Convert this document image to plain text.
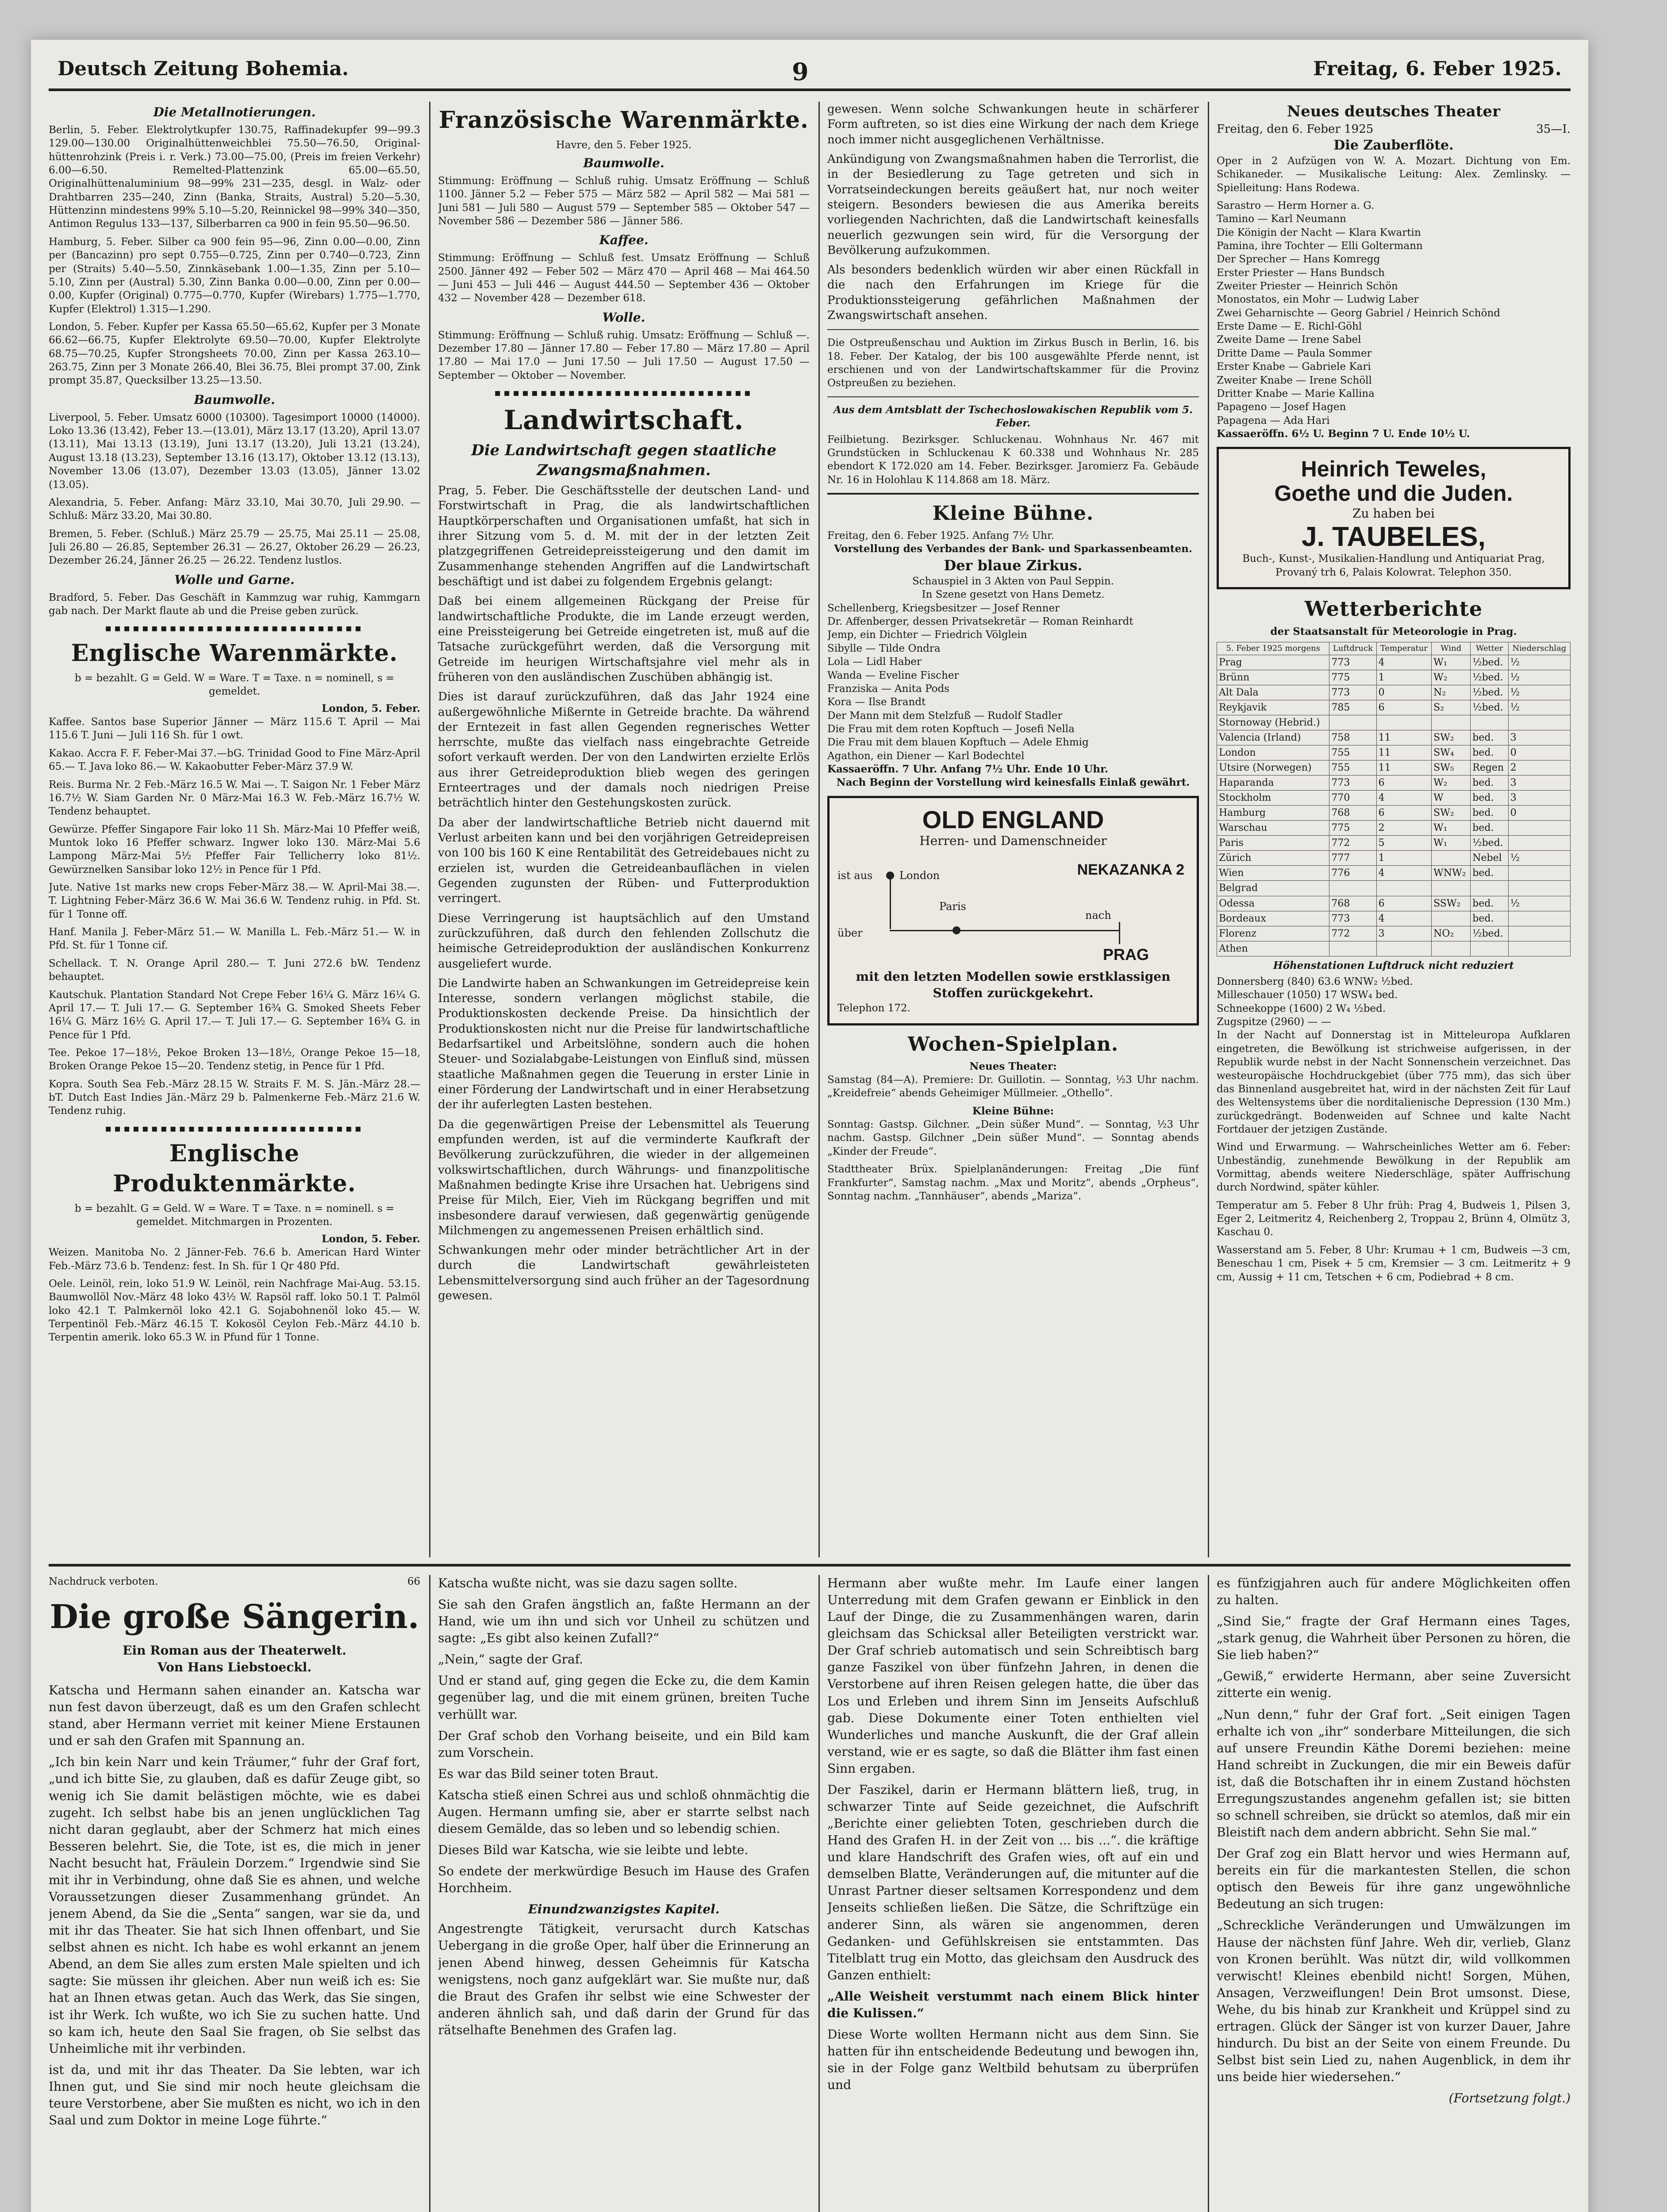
Deutsch Zeitung Bohemia.	9	Freitag, 6. Feber 1925.
Die Metallnotierungen.

Berlin, 5. Feber. Elektrolytkupfer 130.75, Raffinadekupfer 99—99.3 129.00—130.00 Originalhüttenweichblei 75.50—76.50, Original-hüttenrohzink (Preis i. r. Verk.) 73.00—75.00, (Preis im freien Verkehr) 6.00—6.50. Remelted-Plattenzink 65.00—65.50, Originalhüttenaluminium 98—99% 231—235, desgl. in Walz- oder Drahtbarren 235—240, Zinn (Banka, Straits, Austral) 5.20—5.30, Hüttenzinn mindestens 99% 5.10—5.20, Reinnickel 98—99% 340—350, Antimon Regulus 133—137, Silberbarren ca 900 in fein 95.50—96.50.

Hamburg, 5. Feber. Silber ca 900 fein 95—96, Zinn 0.00—0.00, Zinn per (Bancazinn) pro sept 0.755—0.725, Zinn per 0.740—0.723, Zinn per (Straits) 5.40—5.50, Zinnkäsebank 1.00—1.35, Zinn per 5.10—5.10, Zinn per (Austral) 5.30, Zinn Banka 0.00—0.00, Zinn per 0.00—0.00, Kupfer (Original) 0.775—0.770, Kupfer (Wirebars) 1.775—1.770, Kupfer (Elektrol) 1.315—1.290.

London, 5. Feber. Kupfer per Kassa 65.50—65.62, Kupfer per 3 Monate 66.62—66.75, Kupfer Elektrolyte 69.50—70.00, Kupfer Elektrolyte 68.75—70.25, Kupfer Strongsheets 70.00, Zinn per Kassa 263.10—263.75, Zinn per 3 Monate 266.40, Blei 36.75, Blei prompt 37.00, Zink prompt 35.87, Quecksilber 13.25—13.50.

Baumwolle.

Liverpool, 5. Feber. Umsatz 6000 (10300). Tagesimport 10000 (14000). Loko 13.36 (13.42), Feber 13.—(13.01), März 13.17 (13.20), April 13.07 (13.11), Mai 13.13 (13.19), Juni 13.17 (13.20), Juli 13.21 (13.24), August 13.18 (13.23), September 13.16 (13.17), Oktober 13.12 (13.13), November 13.06 (13.07), Dezember 13.03 (13.05), Jänner 13.02 (13.05).

Alexandria, 5. Feber. Anfang: März 33.10, Mai 30.70, Juli 29.90. — Schluß: März 33.20, Mai 30.80.

Bremen, 5. Feber. (Schluß.) März 25.79 — 25.75, Mai 25.11 — 25.08, Juli 26.80 — 26.85, September 26.31 — 26.27, Oktober 26.29 — 26.23, Dezember 26.24, Jänner 26.25 — 26.22. Tendenz lustlos.

Wolle und Garne.

Bradford, 5. Feber. Das Geschäft in Kammzug war ruhig, Kammgarn gab nach. Der Markt flaute ab und die Preise geben zurück.

▪▪▪▪▪▪▪▪▪▪▪▪▪▪▪▪▪▪▪▪▪▪▪▪▪▪▪▪
Englische Warenmärkte.
b = bezahlt. G = Geld. W = Ware. T = Taxe. n = nominell, s = gemeldet.
London, 5. Feber.

Kaffee. Santos base Superior Jänner — März 115.6 T. April — Mai 115.6 T. Juni — Juli 116 Sh. für 1 owt.

Kakao. Accra F. F. Feber-Mai 37.—bG. Trinidad Good to Fine März-April 65.— T. Java loko 86.— W. Kakaobutter Feber-März 37.9 W.

Reis. Burma Nr. 2 Feb.-März 16.5 W. Mai —. T. Saigon Nr. 1 Feber März 16.7½ W. Siam Garden Nr. 0 März-Mai 16.3 W. Feb.-März 16.7½ W. Tendenz behauptet.

Gewürze. Pfeffer Singapore Fair loko 11 Sh. März-Mai 10 Pfeffer weiß, Muntok loko 16 Pfeffer schwarz. Ingwer loko 130. März-Mai 5.6 Lampong März-Mai 5½ Pfeffer Fair Tellicherry loko 81½. Gewürznelken Sansibar loko 12½ in Pence für 1 Pfd.

Jute. Native 1st marks new crops Feber-März 38.— W. April-Mai 38.—. T. Lightning Feber-März 36.6 W. Mai 36.6 W. Tendenz ruhig. in Pfd. St. für 1 Tonne off.

Hanf. Manila J. Feber-März 51.— W. Manilla L. Feb.-März 51.— W. in Pfd. St. für 1 Tonne cif.

Schellack. T. N. Orange April 280.— T. Juni 272.6 bW. Tendenz behauptet.

Kautschuk. Plantation Standard Not Crepe Feber 16¼ G. März 16¼ G. April 17.— T. Juli 17.— G. September 16¾ G. Smoked Sheets Feber 16¼ G. März 16½ G. April 17.— T. Juli 17.— G. September 16¾ G. in Pence für 1 Pfd.

Tee. Pekoe 17—18½, Pekoe Broken 13—18½, Orange Pekoe 15—18, Broken Orange Pekoe 15—20. Tendenz stetig, in Pence für 1 Pfd.

Kopra. South Sea Feb.-März 28.15 W. Straits F. M. S. Jän.-März 28.— bT. Dutch East Indies Jän.-März 29 b. Palmenkerne Feb.-März 21.6 W. Tendenz ruhig.

▪▪▪▪▪▪▪▪▪▪▪▪▪▪▪▪▪▪▪▪▪▪▪▪▪▪▪▪
Englische Produktenmärkte.
b = bezahlt. G = Geld. W = Ware. T = Taxe. n = nominell. s = gemeldet. Mitchmargen in Prozenten.
London, 5. Feber.

Weizen. Manitoba No. 2 Jänner-Feb. 76.6 b. American Hard Winter Feb.-März 73.6 b. Tendenz: fest. In Sh. für 1 Qr 480 Pfd.

Oele. Leinöl, rein, loko 51.9 W. Leinöl, rein Nachfrage Mai-Aug. 53.15. Baumwollöl Nov.-März 48 loko 43½ W. Rapsöl raff. loko 50.1 T. Palmöl loko 42.1 T. Palmkernöl loko 42.1 G. Sojabohnenöl loko 45.— W. Terpentinöl Feb.-März 46.15 T. Kokosöl Ceylon Feb.-März 44.10 b. Terpentin amerik. loko 65.3 W. in Pfund für 1 Tonne.

Französische Warenmärkte.
Havre, den 5. Feber 1925.
Baumwolle.

Stimmung: Eröffnung — Schluß ruhig. Umsatz Eröffnung — Schluß 1100. Jänner 5.2 — Feber 575 — März 582 — April 582 — Mai 581 — Juni 581 — Juli 580 — August 579 — September 585 — Oktober 547 — November 586 — Dezember 586 — Jänner 586.

Kaffee.

Stimmung: Eröffnung — Schluß fest. Umsatz Eröffnung — Schluß 2500. Jänner 492 — Feber 502 — März 470 — April 468 — Mai 464.50 — Juni 453 — Juli 446 — August 444.50 — September 436 — Oktober 432 — November 428 — Dezember 618.

Wolle.

Stimmung: Eröffnung — Schluß ruhig. Umsatz: Eröffnung — Schluß —. Dezember 17.80 — Jänner 17.80 — Feber 17.80 — März 17.80 — April 17.80 — Mai 17.0 — Juni 17.50 — Juli 17.50 — August 17.50 — September — Oktober — November.

▪▪▪▪▪▪▪▪▪▪▪▪▪▪▪▪▪▪▪▪▪▪▪▪▪▪▪▪
Landwirtschaft.
Die Landwirtschaft gegen staatliche Zwangsmaßnahmen.

Prag, 5. Feber. Die Geschäftsstelle der deutschen Land- und Forstwirtschaft in Prag, die als landwirtschaftlichen Hauptkörperschaften und Organisationen umfaßt, hat sich in ihrer Sitzung vom 5. d. M. mit der in der letzten Zeit platzgegriffenen Getreidepreissteigerung und den damit im Zusammenhange stehenden Angriffen auf die Landwirtschaft beschäftigt und ist dabei zu folgendem Ergebnis gelangt:

Daß bei einem allgemeinen Rückgang der Preise für landwirtschaftliche Produkte, die im Lande erzeugt werden, eine Preissteigerung bei Getreide eingetreten ist, muß auf die Tatsache zurückgeführt werden, daß die Versorgung mit Getreide im heurigen Wirtschaftsjahre viel mehr als in früheren von den ausländischen Zuschüben abhängig ist.

Dies ist darauf zurückzuführen, daß das Jahr 1924 eine außergewöhnliche Mißernte in Getreide brachte. Da während der Erntezeit in fast allen Gegenden regnerisches Wetter herrschte, mußte das vielfach nass eingebrachte Getreide sofort verkauft werden. Der von den Landwirten erzielte Erlös aus ihrer Getreideproduktion blieb wegen des geringen Ernteertrages und der damals noch niedrigen Preise beträchtlich hinter den Gestehungskosten zurück.

Da aber der landwirtschaftliche Betrieb nicht dauernd mit Verlust arbeiten kann und bei den vorjährigen Getreidepreisen von 100 bis 160 K eine Rentabilität des Getreidebaues nicht zu erzielen ist, wurden die Getreideanbauflächen in vielen Gegenden zugunsten der Rüben- und Futterproduktion verringert.

Diese Verringerung ist hauptsächlich auf den Umstand zurückzuführen, daß durch den fehlenden Zollschutz die heimische Getreideproduktion der ausländischen Konkurrenz ausgeliefert wurde.

Die Landwirte haben an Schwankungen im Getreidepreise kein Interesse, sondern verlangen möglichst stabile, die Produktionskosten deckende Preise. Da hinsichtlich der Produktionskosten nicht nur die Preise für landwirtschaftliche Bedarfsartikel und Arbeitslöhne, sondern auch die hohen Steuer- und Sozialabgabe-Leistungen von Einfluß sind, müssen staatliche Maßnahmen gegen die Teuerung in erster Linie in einer Förderung der Landwirtschaft und in einer Herabsetzung der ihr auferlegten Lasten bestehen.

Da die gegenwärtigen Preise der Lebensmittel als Teuerung empfunden werden, ist auf die verminderte Kaufkraft der Bevölkerung zurückzuführen, die wieder in der allgemeinen volkswirtschaftlichen, durch Währungs- und finanzpolitische Maßnahmen bedingte Krise ihre Ursachen hat. Uebrigens sind Preise für Milch, Eier, Vieh im Rückgang begriffen und mit insbesondere darauf verwiesen, daß gegenwärtig genügende Milchmengen zu angemessenen Preisen erhältlich sind.

Schwankungen mehr oder minder beträchtlicher Art in der durch die Landwirtschaft gewährleisteten Lebensmittelversorgung sind auch früher an der Tagesordnung gewesen.

gewesen. Wenn solche Schwankungen heute in schärferer Form auftreten, so ist dies eine Wirkung der nach dem Kriege noch immer nicht ausgeglichenen Verhältnisse.

Ankündigung von Zwangsmaßnahmen haben die Terrorlist, die in der Besiedlerung zu Tage getreten und sich in Vorratseindeckungen bereits geäußert hat, nur noch weiter steigern. Besonders bewiesen die aus Amerika bereits vorliegenden Nachrichten, daß die Landwirtschaft keinesfalls neuerlich gezwungen sein wird, für die Versorgung der Bevölkerung aufzukommen.

Als besonders bedenklich würden wir aber einen Rückfall in die nach den Erfahrungen im Kriege für die Produktionssteigerung gefährlichen Maßnahmen der Zwangswirtschaft ansehen.

Die Ostpreußenschau und Auktion im Zirkus Busch in Berlin, 16. bis 18. Feber. Der Katalog, der bis 100 ausgewählte Pferde nennt, ist erschienen und von der Landwirtschaftskammer für die Provinz Ostpreußen zu beziehen.

Aus dem Amtsblatt der Tschechoslowakischen Republik vom 5. Feber.

Feilbietung. Bezirksger. Schluckenau. Wohnhaus Nr. 467 mit Grundstücken in Schluckenau K 60.338 und Wohnhaus Nr. 285 ebendort K 172.020 am 14. Feber. Bezirksger. Jaromierz Fa. Gebäude Nr. 16 in Holohlau K 114.868 am 18. März.

Kleine Bühne.
Freitag, den 6. Feber 1925. Anfang 7½ Uhr.
Vorstellung des Verbandes der Bank- und Sparkassenbeamten.
Der blaue Zirkus.
Schauspiel in 3 Akten von Paul Seppin.
In Szene gesetzt von Hans Demetz.
Schellenberg, Kriegsbesitzer — Josef Renner
Dr. Affenberger, dessen Privatsekretär — Roman Reinhardt
Jemp, ein Dichter — Friedrich Völglein
Sibylle — Tilde Ondra
Lola — Lidl Haber
Wanda — Eveline Fischer
Franziska — Anita Pods
Kora — Ilse Brandt
Der Mann mit dem Stelzfuß — Rudolf Stadler
Die Frau mit dem roten Kopftuch — Josefi Nella
Die Frau mit dem blauen Kopftuch — Adele Ehmig
Agathon, ein Diener — Karl Bodechtel
Kassaeröffn. 7 Uhr. Anfang 7½ Uhr. Ende 10 Uhr.
Nach Beginn der Vorstellung wird keinesfalls Einlaß gewährt.
OLD ENGLAND
Herren- und Damenschneider
ist aus	London	NEKAZANKA 2
nach
Paris
über
PRAG
mit den letzten Modellen sowie erstklassigen Stoffen zurückgekehrt.
Telephon 172.
Wochen-Spielplan.
Neues Theater:

Samstag (84—A). Premiere: Dr. Guillotin. — Sonntag, ½3 Uhr nachm. „Kreidefreie“ abends Geheimiger Müllmeier. „Othello“.

Kleine Bühne:

Sonntag: Gastsp. Gilchner. „Dein süßer Mund“. — Sonntag, ½3 Uhr nachm. Gastsp. Gilchner „Dein süßer Mund“. — Sonntag abends „Kinder der Freude“.

Stadttheater Brüx. Spielplanänderungen: Freitag „Die fünf Frankfurter“, Samstag nachm. „Max und Moritz“, abends „Orpheus“, Sonntag nachm. „Tannhäuser“, abends „Mariza“.

Neues deutsches Theater
Freitag, den 6. Feber 1925	35—I.
Die Zauberflöte.

Oper in 2 Aufzügen von W. A. Mozart. Dichtung von Em. Schikaneder. — Musikalische Leitung: Alex. Zemlinsky. — Spielleitung: Hans Rodewa.

Sarastro — Herm Horner a. G.
Tamino — Karl Neumann
Die Königin der Nacht — Klara Kwartin
Pamina, ihre Tochter — Elli Goltermann
Der Sprecher — Hans Komregg
Erster Priester — Hans Bundsch
Zweiter Priester — Heinrich Schön
Monostatos, ein Mohr — Ludwig Laber
Zwei Geharnischte — Georg Gabriel / Heinrich Schönd
Erste Dame — E. Richl-Göhl
Zweite Dame — Irene Sabel
Dritte Dame — Paula Sommer
Erster Knabe — Gabriele Kari
Zweiter Knabe — Irene Schöll
Dritter Knabe — Marie Kallina
Papageno — Josef Hagen
Papagena — Ada Hari
Kassaeröffn. 6½ U. Beginn 7 U. Ende 10½ U.
Heinrich Teweles,
Goethe und die Juden.
Zu haben bei
J. TAUBELES,
Buch-, Kunst-, Musikalien-Handlung und Antiquariat Prag, Provaný trh 6, Palais Kolowrat. Telephon 350.
Wetterberichte
der Staatsanstalt für Meteorologie in Prag.
5. Feber 1925 morgens	Luftdruck	Temperatur	Wind	Wetter	Niederschlag
Prag	773	4	W₁	½bed.	½
Brünn	775	1	W₂	½bed.	½
Alt Dala	773	0	N₂	½bed.	½
Reykjavik	785	6	S₂	½bed.	½
Stornoway (Hebrid.)					
Valencia (Irland)	758	11	SW₂	bed.	3
London	755	11	SW₄	bed.	0
Utsire (Norwegen)	755	11	SW₅	Regen	2
Haparanda	773	6	W₂	bed.	3
Stockholm	770	4	W	bed.	3
Hamburg	768	6	SW₂	bed.	0
Warschau	775	2	W₁	bed.	
Paris	772	5	W₁	½bed.	
Zürich	777	1		Nebel	½
Wien	776	4	WNW₂	bed.	
Belgrad					
Odessa	768	6	SSW₂	bed.	½
Bordeaux	773	4		bed.	
Florenz	772	3	NO₂	½bed.	
Athen					
Höhenstationen Luftdruck nicht reduziert
Donnersberg (840) 63.6 WNW₂ ½bed.
Milleschauer (1050) 17 WSW₄ bed.
Schneekoppe (1600) 2 W₄ ½bed.
Zugspitze (2960) — —

In der Nacht auf Donnerstag ist in Mitteleuropa Aufklaren eingetreten, die Bewölkung ist strichweise aufgerissen, in der Republik wurde nebst in der Nacht Sonnenschein verzeichnet. Das westeuropäische Hochdruckgebiet (über 775 mm), das sich über das Binnenland ausgebreitet hat, wird in der nächsten Zeit für Lauf des Weltensystems über die norditalienische Depression (130 Mm.) zurückgedrängt. Bodenweiden auf Schnee und kalte Nacht Fortdauer der jetzigen Zustände.

Wind und Erwarmung. — Wahrscheinliches Wetter am 6. Feber: Unbeständig, zunehmende Bewölkung in der Republik am Vormittag, abends weitere Niederschläge, später Auffrischung durch Nordwind, später kühler.

Temperatur am 5. Feber 8 Uhr früh: Prag 4, Budweis 1, Pilsen 3, Eger 2, Leitmeritz 4, Reichenberg 2, Troppau 2, Brünn 4, Olmütz 3, Kaschau 0.

Wasserstand am 5. Feber, 8 Uhr: Krumau + 1 cm, Budweis —3 cm, Beneschau 1 cm, Pisek + 5 cm, Kremsier — 3 cm. Leitmeritz + 9 cm, Aussig + 11 cm, Tetschen + 6 cm, Podiebrad + 8 cm.

Nachdruck verboten.	66
Die große Sängerin.
Ein Roman aus der Theaterwelt.
Von Hans Liebstoeckl.

Katscha und Hermann sahen einander an. Katscha war nun fest davon überzeugt, daß es um den Grafen schlecht stand, aber Hermann verriet mit keiner Miene Erstaunen und er sah den Grafen mit Spannung an.

„Ich bin kein Narr und kein Träumer,“ fuhr der Graf fort, „und ich bitte Sie, zu glauben, daß es dafür Zeuge gibt, so wenig ich Sie damit belästigen möchte, wie es dabei zugeht. Ich selbst habe bis an jenen unglücklichen Tag nicht daran geglaubt, aber der Schmerz hat mich eines Besseren belehrt. Sie, die Tote, ist es, die mich in jener Nacht besucht hat, Fräulein Dorzem.“ Irgendwie sind Sie mit ihr in Verbindung, ohne daß Sie es ahnen, und welche Voraussetzungen dieser Zusammenhang gründet. An jenem Abend, da Sie die „Senta“ sangen, war sie da, und mit ihr das Theater. Sie hat sich Ihnen offenbart, und Sie selbst ahnen es nicht. Ich habe es wohl erkannt an jenem Abend, an dem Sie alles zum ersten Male spielten und ich sagte: Sie müssen ihr gleichen. Aber nun weiß ich es: Sie hat an Ihnen etwas getan. Auch das Werk, das Sie singen, ist ihr Werk. Ich wußte, wo ich Sie zu suchen hatte. Und so kam ich, heute den Saal Sie fragen, ob Sie selbst das Unheimliche mit ihr verbinden.

ist da, und mit ihr das Theater. Da Sie lebten, war ich Ihnen gut, und Sie sind mir noch heute gleichsam die teure Verstorbene, aber Sie mußten es nicht, wo ich in den Saal und zum Doktor in meine Loge führte.“

Katscha wußte nicht, was sie dazu sagen sollte.

Sie sah den Grafen ängstlich an, faßte Hermann an der Hand, wie um ihn und sich vor Unheil zu schützen und sagte: „Es gibt also keinen Zufall?“

„Nein,“ sagte der Graf.

Und er stand auf, ging gegen die Ecke zu, die dem Kamin gegenüber lag, und die mit einem grünen, breiten Tuche verhüllt war.

Der Graf schob den Vorhang beiseite, und ein Bild kam zum Vorschein.

Es war das Bild seiner toten Braut.

Katscha stieß einen Schrei aus und schloß ohnmächtig die Augen. Hermann umfing sie, aber er starrte selbst nach diesem Gemälde, das so leben und so lebendig schien.

Dieses Bild war Katscha, wie sie leibte und lebte.

So endete der merkwürdige Besuch im Hause des Grafen Horchheim.

Einundzwanzigstes Kapitel.

Angestrengte Tätigkeit, verursacht durch Katschas Uebergang in die große Oper, half über die Erinnerung an jenen Abend hinweg, dessen Geheimnis für Katscha wenigstens, noch ganz aufgeklärt war. Sie mußte nur, daß die Braut des Grafen ihr selbst wie eine Schwester der anderen ähnlich sah, und daß darin der Grund für das rätselhafte Benehmen des Grafen lag.

Hermann aber wußte mehr. Im Laufe einer langen Unterredung mit dem Grafen gewann er Einblick in den Lauf der Dinge, die zu Zusammenhängen waren, darin gleichsam das Schicksal aller Beteiligten verstrickt war. Der Graf schrieb automatisch und sein Schreibtisch barg ganze Faszikel von über fünfzehn Jahren, in denen die Verstorbene auf ihren Reisen gelegen hatte, die über das Los und Erleben und ihrem Sinn im Jenseits Aufschluß gab. Diese Dokumente einer Toten enthielten viel Wunderliches und manche Auskunft, die der Graf allein verstand, wie er es sagte, so daß die Blätter ihm fast einen Sinn ergaben.

Der Faszikel, darin er Hermann blättern ließ, trug, in schwarzer Tinte auf Seide gezeichnet, die Aufschrift „Berichte einer geliebten Toten, geschrieben durch die Hand des Grafen H. in der Zeit von ... bis ...“. die kräftige und klare Handschrift des Grafen wies, oft auf ein und demselben Blatte, Veränderungen auf, die mitunter auf die Unrast Partner dieser seltsamen Korrespondenz und dem Jenseits schließen ließen. Die Sätze, die Schriftzüge ein anderer Sinn, als wären sie angenommen, deren Gedanken- und Gefühlskreisen sie entstammten. Das Titelblatt trug ein Motto, das gleichsam den Ausdruck des Ganzen enthielt:

„Alle Weisheit verstummt nach einem Blick hinter die Kulissen.“

Diese Worte wollten Hermann nicht aus dem Sinn. Sie hatten für ihn entscheidende Bedeutung und bewogen ihn, sie in der Folge ganz Weltbild behutsam zu überprüfen und

es fünfzigjahren auch für andere Möglichkeiten offen zu halten.

„Sind Sie,“ fragte der Graf Hermann eines Tages, „stark genug, die Wahrheit über Personen zu hören, die Sie lieb haben?“

„Gewiß,“ erwiderte Hermann, aber seine Zuversicht zitterte ein wenig.

„Nun denn,“ fuhr der Graf fort. „Seit einigen Tagen erhalte ich von „ihr“ sonderbare Mitteilungen, die sich auf unsere Freundin Käthe Doremi beziehen: meine Hand schreibt in Zuckungen, die mir ein Beweis dafür ist, daß die Botschaften ihr in einem Zustand höchsten Erregungszustandes angenehm gefallen ist; sie bitten so schnell schreiben, sie drückt so atemlos, daß mir ein Bleistift nach dem andern abbricht. Sehn Sie mal.“

Der Graf zog ein Blatt hervor und wies Hermann auf, bereits ein für die markantesten Stellen, die schon optisch den Beweis für ihre ganz ungewöhnliche Bedeutung an sich trugen:

„Schreckliche Veränderungen und Umwälzungen im Hause der nächsten fünf Jahre. Weh dir, verlieb, Glanz von Kronen berühlt. Was nützt dir, wild vollkommen verwischt! Kleines ebenbild nicht! Sorgen, Mühen, Ansagen, Verzweiflungen! Dein Brot umsonst. Diese, Wehe, du bis hinab zur Krankheit und Krüppel sind zu ertragen. Glück der Sänger ist von kurzer Dauer, Jahre hindurch. Du bist an der Seite von einem Freunde. Du Selbst bist sein Lied zu, nahen Augenblick, in dem ihr uns beide hier wiedersehen.“

(Fortsetzung folgt.)
